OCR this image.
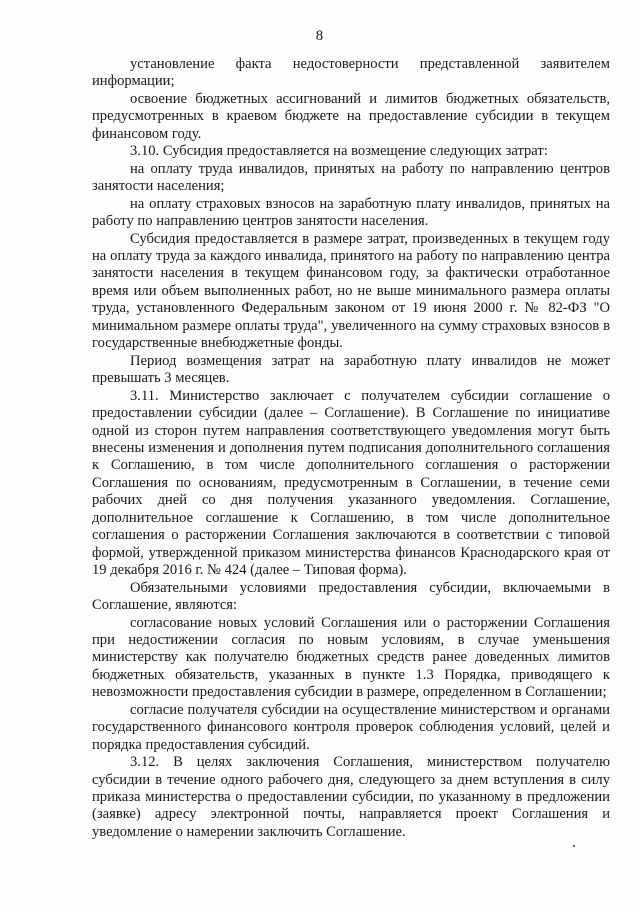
8

установление факта недостоверности представленной заявителем информации;

освоение бюджетных ассигнований и лимитов бюджетных обязательств, предусмотренных в краевом бюджете на предоставление субсидии в текущем финансовом году.

3.10. Субсидия предоставляется на возмещение следующих затрат:

на оплату труда инвалидов, принятых на работу по направлению центров занятости населения;

на оплату страховых взносов на заработную плату инвалидов, принятых на работу по направлению центров занятости населения.

Субсидия предоставляется в размере затрат, произведенных в текущем году на оплату труда за каждого инвалида, принятого на работу по направлению центра занятости населения в текущем финансовом году, за фактически отработанное время или объем выполненных работ, но не выше минимального размера оплаты труда, установленного Федеральным законом от 19 июня 2000 г. № 82-ФЗ "О минимальном размере оплаты труда", увеличенного на сумму страховых взносов в государственные внебюджетные фонды.

Период возмещения затрат на заработную плату инвалидов не может превышать 3 месяцев.

3.11. Министерство заключает с получателем субсидии соглашение о предоставлении субсидии (далее – Соглашение). В Соглашение по инициативе одной из сторон путем направления соответствующего уведомления могут быть внесены изменения и дополнения путем подписания дополнительного соглашения к Соглашению, в том числе дополнительного соглашения о расторжении Соглашения по основаниям, предусмотренным в Соглашении, в течение семи рабочих дней со дня получения указанного уведомления. Соглашение, дополнительное соглашение к Соглашению, в том числе дополнительное соглашения о расторжении Соглашения заключаются в соответствии с типовой формой, утвержденной приказом министерства финансов Краснодарского края от 19 декабря 2016 г. № 424 (далее – Типовая форма).

Обязательными условиями предоставления субсидии, включаемыми в Соглашение, являются:

согласование новых условий Соглашения или о расторжении Соглашения при недостижении согласия по новым условиям, в случае уменьшения министерству как получателю бюджетных средств ранее доведенных лимитов бюджетных обязательств, указанных в пункте 1.3 Порядка, приводящего к невозможности предоставления субсидии в размере, определенном в Соглашении;

согласие получателя субсидии на осуществление министерством и органами государственного финансового контроля проверок соблюдения условий, целей и порядка предоставления субсидий.

3.12. В целях заключения Соглашения, министерством получателю субсидии в течение одного рабочего дня, следующего за днем вступления в силу приказа министерства о предоставлении субсидии, по указанному в предложении (заявке) адресу электронной почты, направляется проект Соглашения и уведомление о намерении заключить Соглашение.
